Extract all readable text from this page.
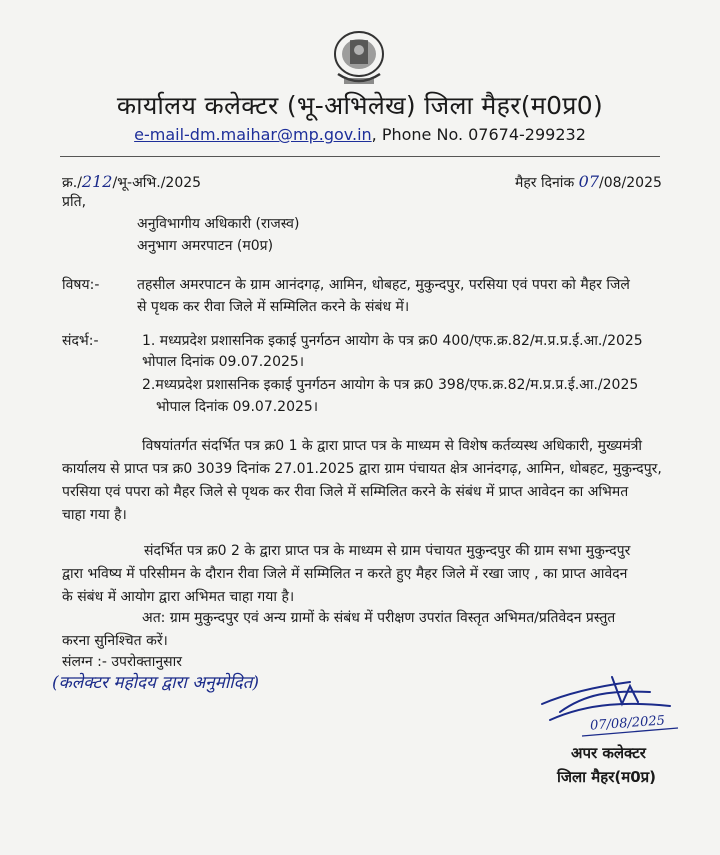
कार्यालय कलेक्टर (भू-अभिलेख) जिला मैहर(म0प्र0)
e-mail-dm.maihar@mp.gov.in, Phone No. 07674-299232
क्र./212/भू-अभि./2025	मैहर दिनांक 07/08/2025
प्रति,
अनुविभागीय अधिकारी (राजस्व)
अनुभाग अमरपाटन (म0प्र)
विषय:-	तहसील अमरपाटन के ग्राम आनंदगढ़, आमिन, धोबहट, मुकुन्दपुर, परसिया एवं पपरा को मैहर जिले
से पृथक कर रीवा जिले में सम्मिलित करने के संबंध में।
संदर्भ:-	1. मध्यप्रदेश प्रशासनिक इकाई पुनर्गठन आयोग के पत्र क्र0 400/एफ.क्र.82/म.प्र.प्र.ई.आ./2025
भोपाल दिनांक 09.07.2025।
2.मध्यप्रदेश प्रशासनिक इकाई पुनर्गठन आयोग के पत्र क्र0 398/एफ.क्र.82/म.प्र.प्र.ई.आ./2025
भोपाल दिनांक 09.07.2025।
विषयांतर्गत संदर्भित पत्र क्र0 1 के द्वारा प्राप्त पत्र के माध्यम से विशेष कर्तव्यस्थ अधिकारी, मुख्यमंत्री
कार्यालय से प्राप्त पत्र क्र0 3039 दिनांक 27.01.2025 द्वारा ग्राम पंचायत क्षेत्र आनंदगढ़, आमिन, धोबहट, मुकुन्दपुर,
परसिया एवं पपरा को मैहर जिले से पृथक कर रीवा जिले में सम्मिलित करने के संबंध में प्राप्त आवेदन का अभिमत
चाहा गया है।
संदर्भित पत्र क्र0 2 के द्वारा प्राप्त पत्र के माध्यम से ग्राम पंचायत मुकुन्दपुर की ग्राम सभा मुकुन्दपुर
द्वारा भविष्य में परिसीमन के दौरान रीवा जिले में सम्मिलित न करते हुए मैहर जिले में रखा जाए , का प्राप्त आवेदन
के संबंध में आयोग द्वारा अभिमत चाहा गया है।
अत: ग्राम मुकुन्दपुर एवं अन्य ग्रामों के संबंध में परीक्षण उपरांत विस्तृत अभिमत/प्रतिवेदन प्रस्तुत
करना सुनिश्चित करें।
संलग्न :- उपरोक्तानुसार
(कलेक्टर महोदय द्वारा अनुमोदित)
07/08/2025
अपर कलेक्टर
जिला मैहर(म0प्र)
